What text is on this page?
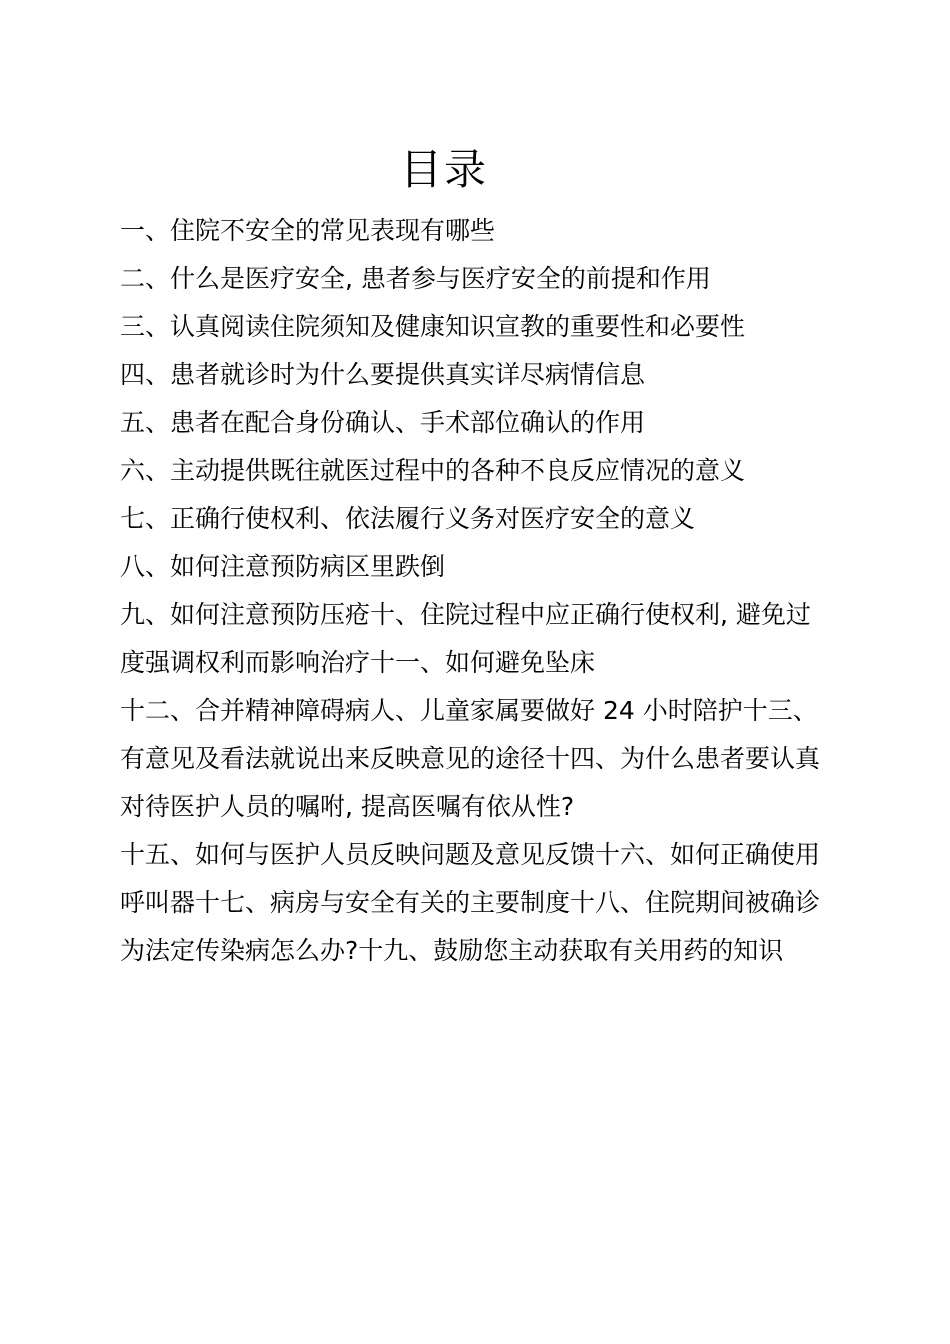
目录
一、住院不安全的常见表现有哪些
二、什么是医疗安全, 患者参与医疗安全的前提和作用
三、认真阅读住院须知及健康知识宣教的重要性和必要性
四、患者就诊时为什么要提供真实详尽病情信息
五、患者在配合身份确认、手术部位确认的作用
六、主动提供既往就医过程中的各种不良反应情况的意义
七、正确行使权利、依法履行义务对医疗安全的意义
八、如何注意预防病区里跌倒
九、如何注意预防压疮十、住院过程中应正确行使权利, 避免过度强调权利而影响治疗十一、如何避免坠床
十二、合并精神障碍病人、儿童家属要做好 24 小时陪护十三、有意见及看法就说出来反映意见的途径十四、为什么患者要认真对待医护人员的嘱咐, 提高医嘱有依从性?
十五、如何与医护人员反映问题及意见反馈十六、如何正确使用呼叫器十七、病房与安全有关的主要制度十八、住院期间被确诊为法定传染病怎么办?十九、鼓励您主动获取有关用药的知识
